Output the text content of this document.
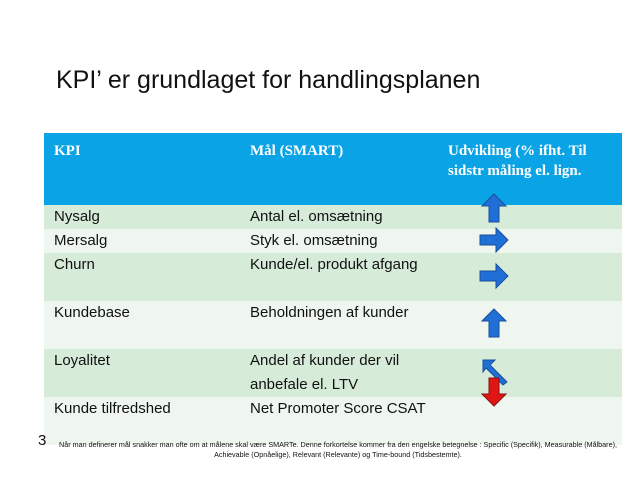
KPI’ er grundlaget for handlingsplanen
KPI	Mål (SMART)	Udvikling (% ifht. Til sidstr måling el. lign.
Nysalg	Antal el. omsætning
Mersalg	Styk el. omsætning
Churn	Kunde/el. produkt afgang
Kundebase	Beholdningen af kunder
Loyalitet	Andel af kunder der vil anbefale el. LTV
Kunde tilfredshed	Net Promoter Score CSAT
3 Når man definerer mål snakker man ofte om at målene skal være SMARTe. Denne forkortelse kommer fra den engelske betegnelse : Specific (Specifik), Measurable (Målbare), Achievable (Opnåelige), Relevant (Relevante) og Time-bound (Tidsbestemte).
